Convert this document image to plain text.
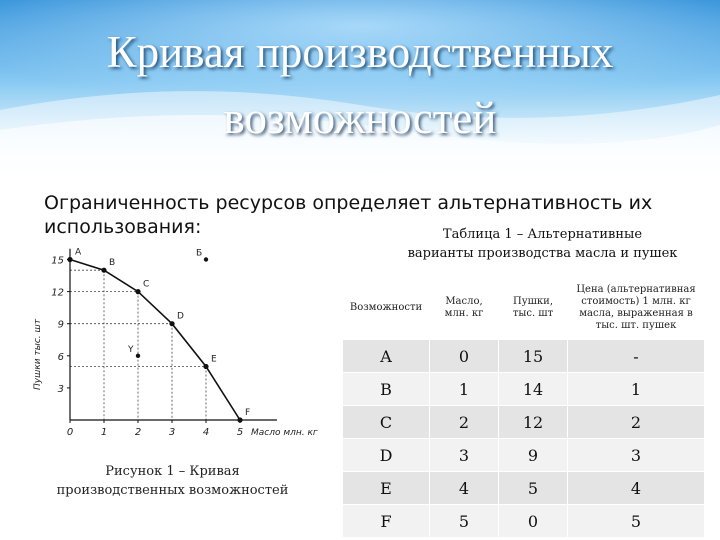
Кривая производственных
возможностей
Ограниченность ресурсов определяет альтернативность их
использования:	Таблица 1 – Альтернативные
варианты производства масла и пушек
A
B
C
D
E
F
Y
Б
0	1	2	3	4	5
3
6
9
12
15
Пушки тыс. шт
Масло млн. кг
Рисунок 1 – Кривая
производственных возможностей
Возможности	Масло, млн. кг	Пушки, тыс. шт	Цена (альтернативная стоимость) 1 млн. кг масла, выраженная в тыс. шт. пушек
A	0	15	-
B	1	14	1
C	2	12	2
D	3	9	3
E	4	5	4
F	5	0	5
